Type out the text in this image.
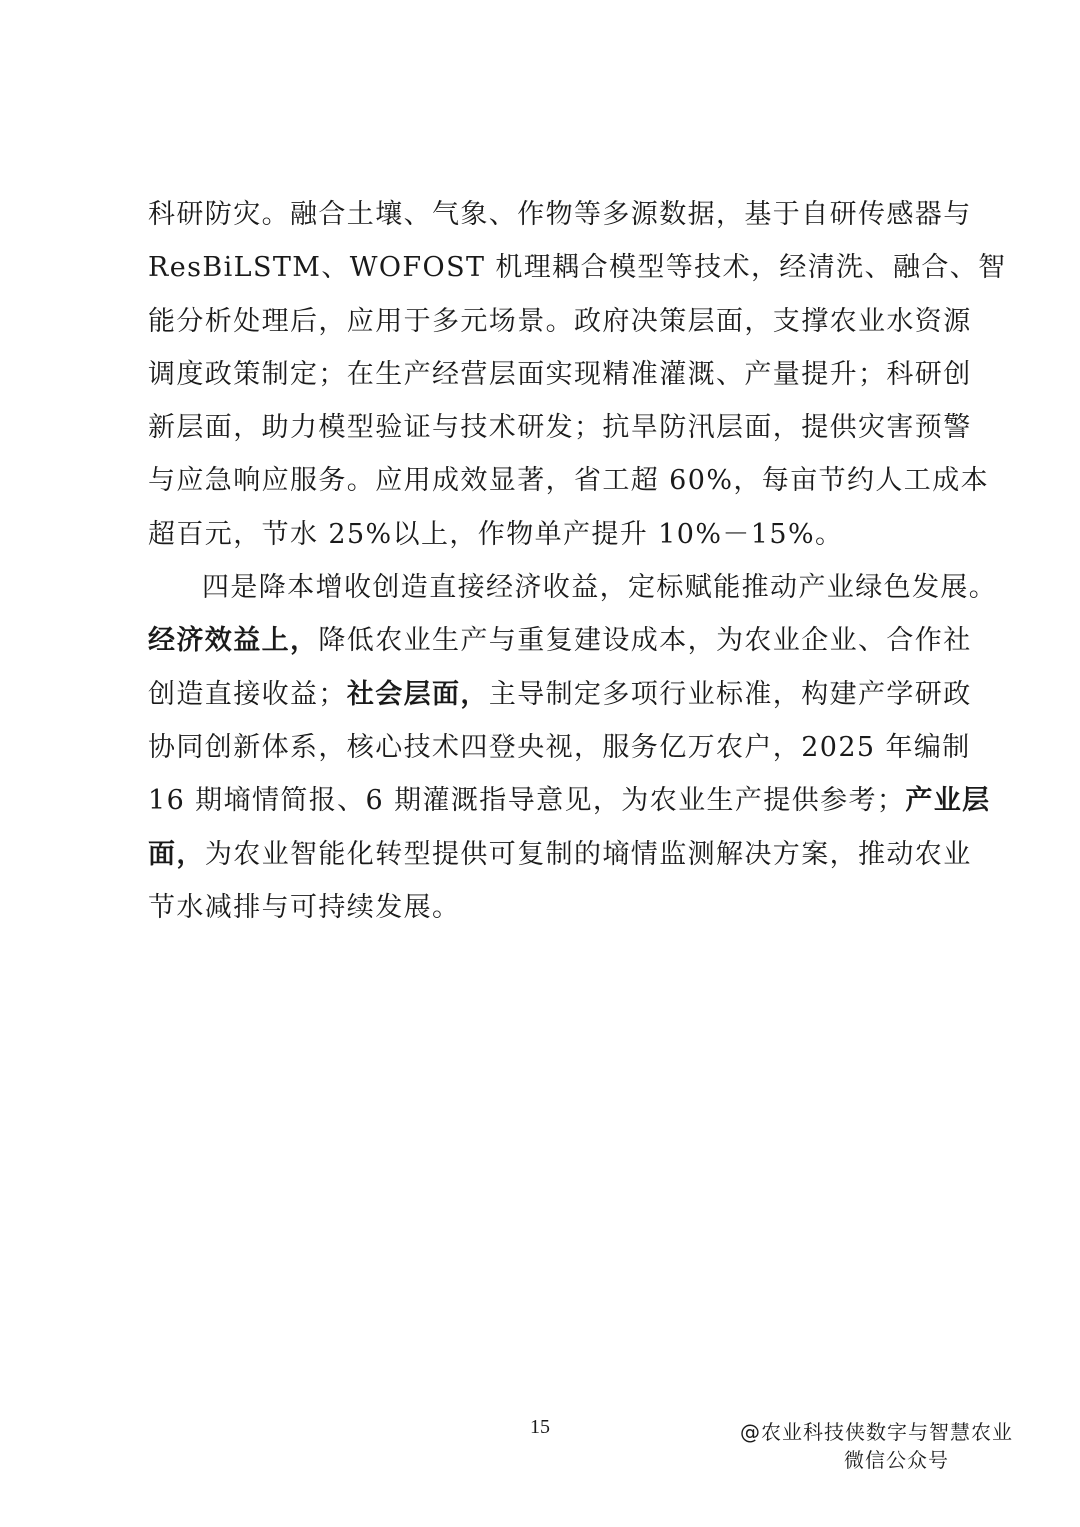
科研防灾。融合土壤、气象、作物等多源数据，基于自研传感器与
ResBiLSTM、WOFOST 机理耦合模型等技术，经清洗、融合、智
能分析处理后，应用于多元场景。政府决策层面，支撑农业水资源
调度政策制定；在生产经营层面实现精准灌溉、产量提升；科研创
新层面，助力模型验证与技术研发；抗旱防汛层面，提供灾害预警
与应急响应服务。应用成效显著，省工超 60%，每亩节约人工成本
超百元，节水 25%以上，作物单产提升 10%－15%。
四是降本增收创造直接经济收益，定标赋能推动产业绿色发展。
经济效益上，降低农业生产与重复建设成本，为农业企业、合作社
创造直接收益；社会层面，主导制定多项行业标准，构建产学研政
协同创新体系，核心技术四登央视，服务亿万农户，2025 年编制
16 期墒情简报、6 期灌溉指导意见，为农业生产提供参考；产业层
面，为农业智能化转型提供可复制的墒情监测解决方案，推动农业
节水减排与可持续发展。
15	@农业科技侠数字与智慧农业
微信公众号
